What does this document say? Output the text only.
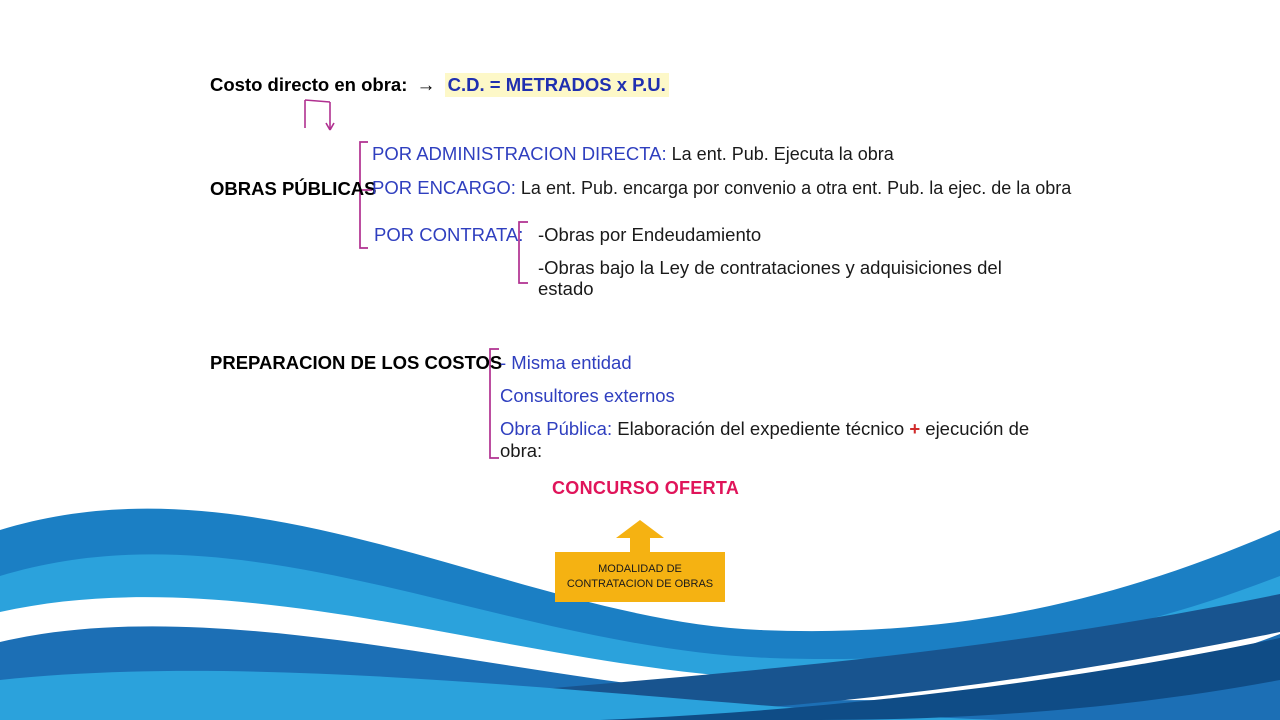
Costo directo en obra: → C.D. = METRADOS x P.U.
OBRAS PÚBLICAS
POR ADMINISTRACION DIRECTA: La ent. Pub. Ejecuta la obra
POR ENCARGO: La ent. Pub. encarga por convenio a otra ent. Pub. la ejec. de la obra
POR CONTRATA: -Obras por Endeudamiento
-Obras bajo la Ley de contrataciones y adquisiciones del estado
PREPARACION DE LOS COSTOS
- Misma entidad
Consultores externos
Obra Pública: Elaboración del expediente técnico + ejecución de obra:
CONCURSO OFERTA
MODALIDAD DE
CONTRATACION DE OBRAS
